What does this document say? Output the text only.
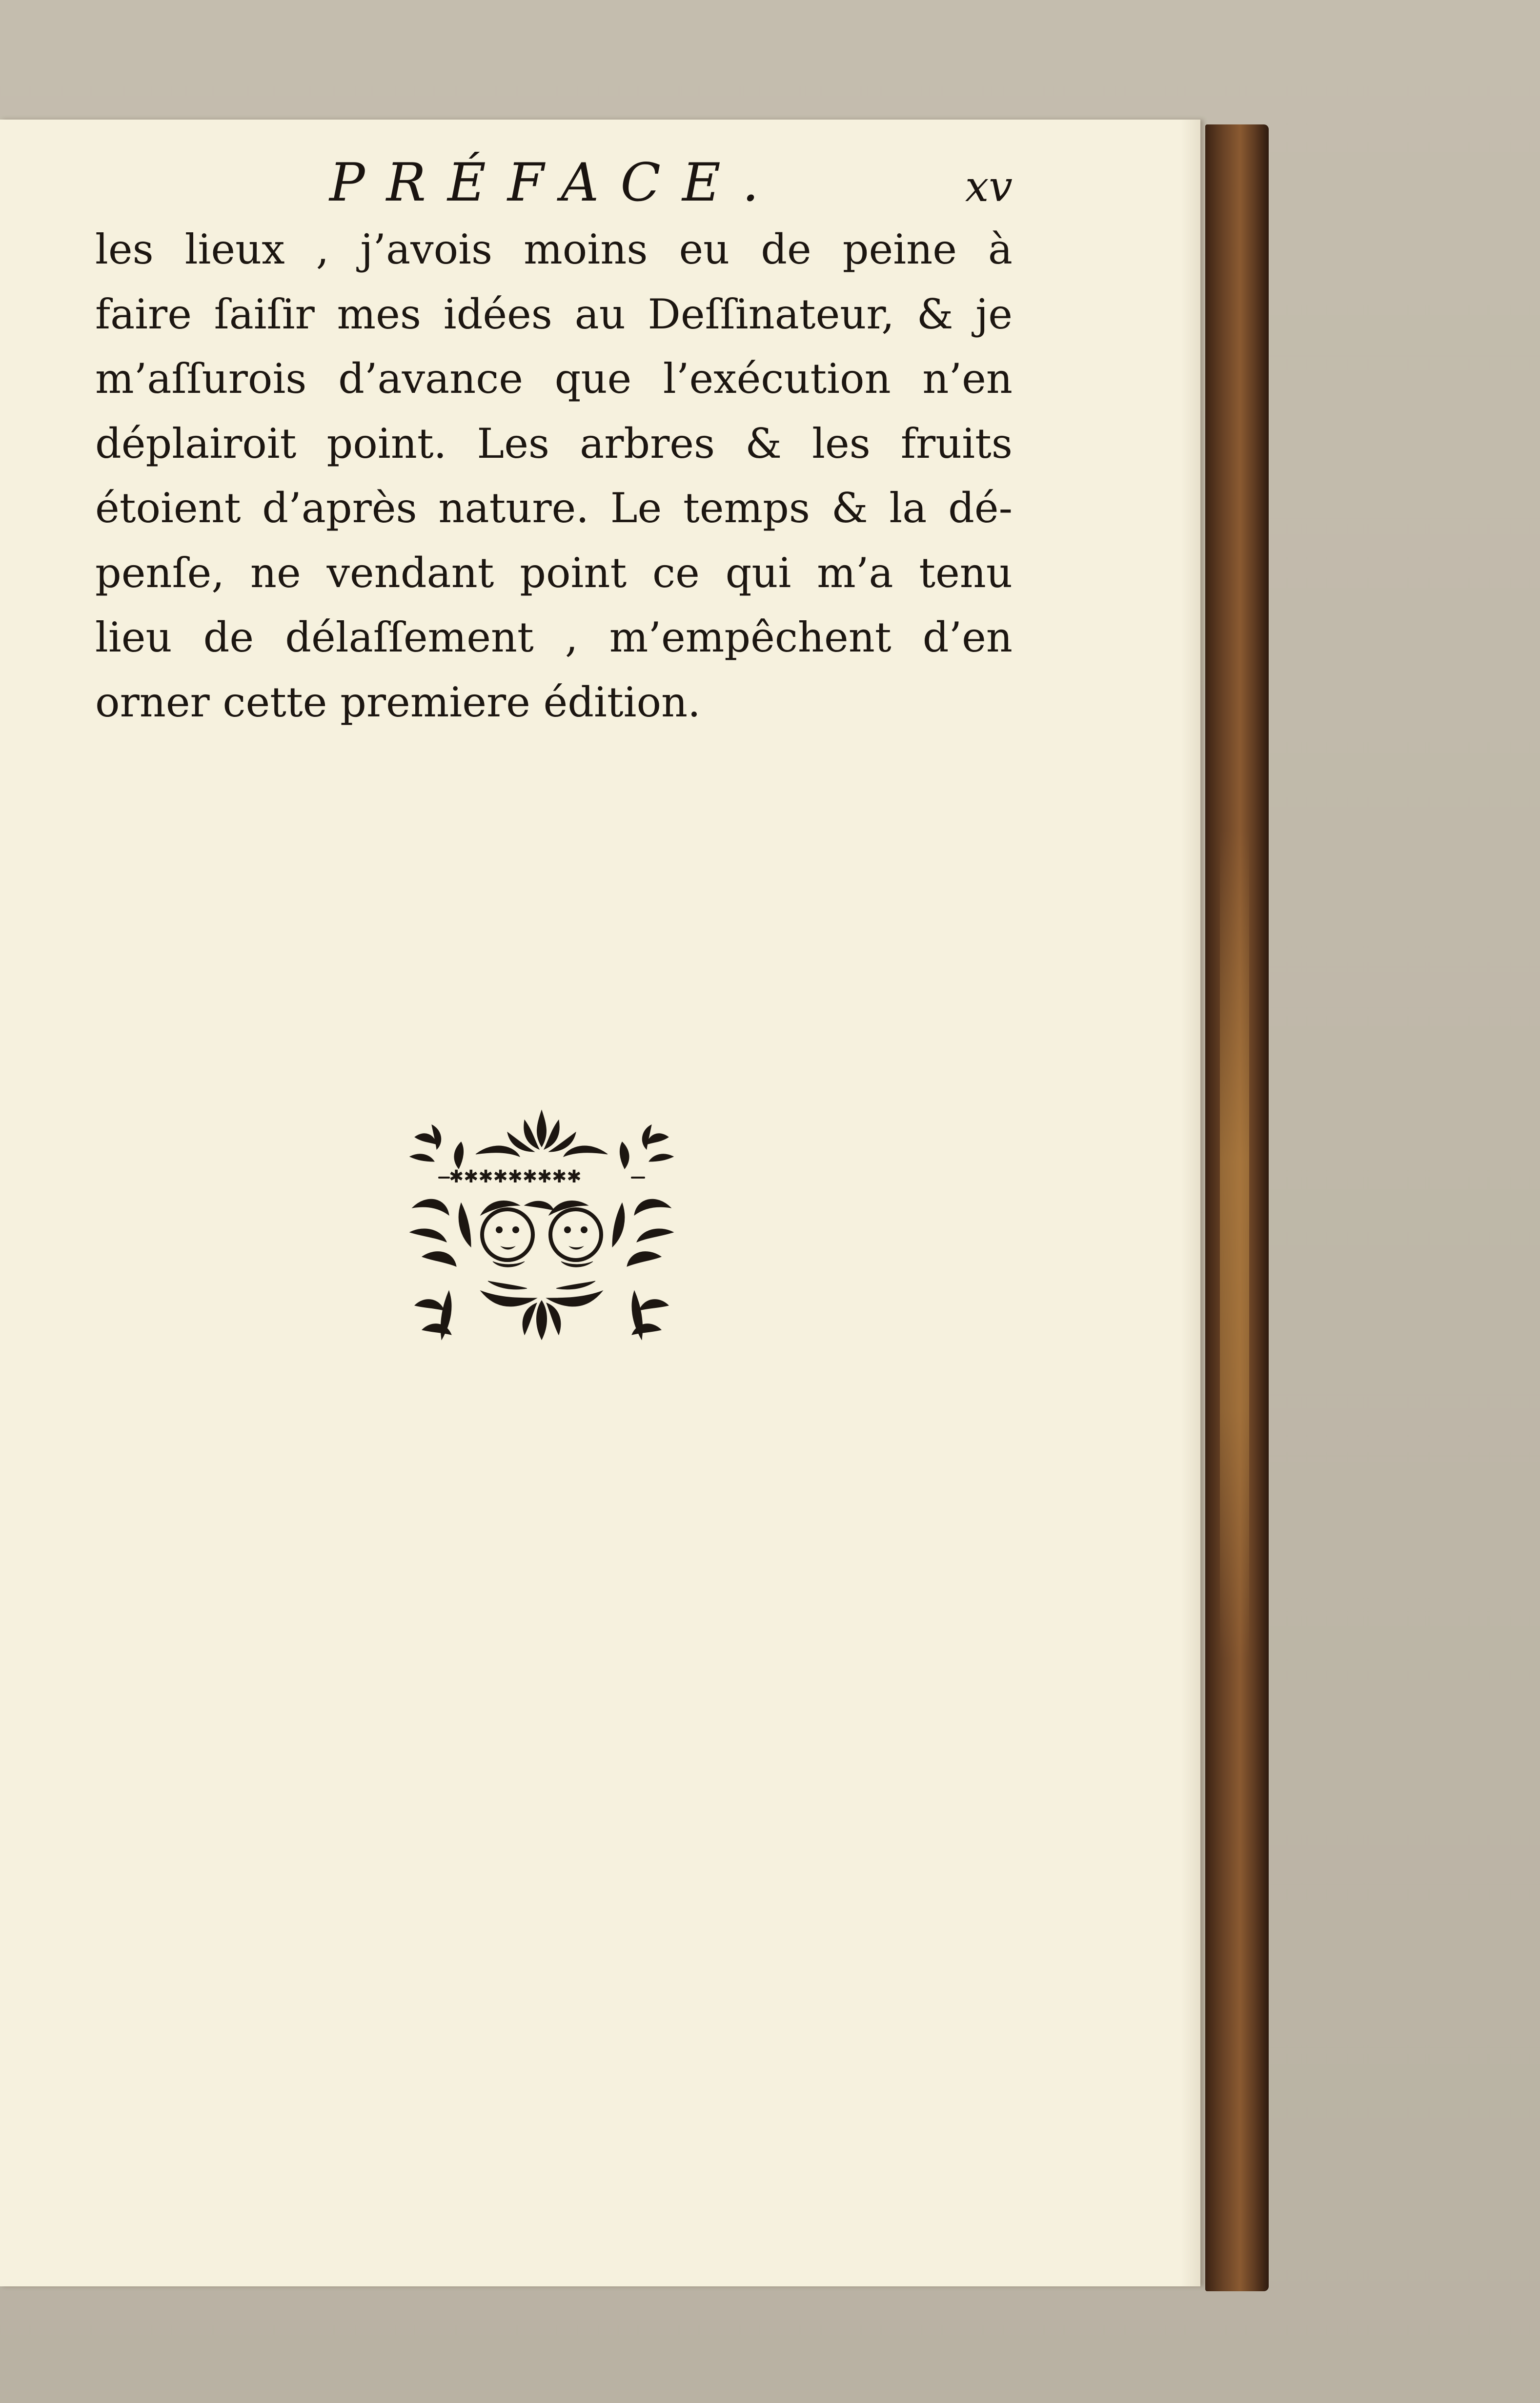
PRÉFACE.	xv
les lieux , j’avois moins eu de peine à
faire ſaiſir mes idées au Deſſinateur, & je
m’aſſurois d’avance que l’exécution n’en
déplairoit point. Les arbres & les fruits
étoient d’après nature. Le temps & la dé-
penſe, ne vendant point ce qui m’a tenu
lieu de délaſſement , m’empêchent d’en
orner cette premiere édition.
✱✱✱✱✱✱✱✱✱
